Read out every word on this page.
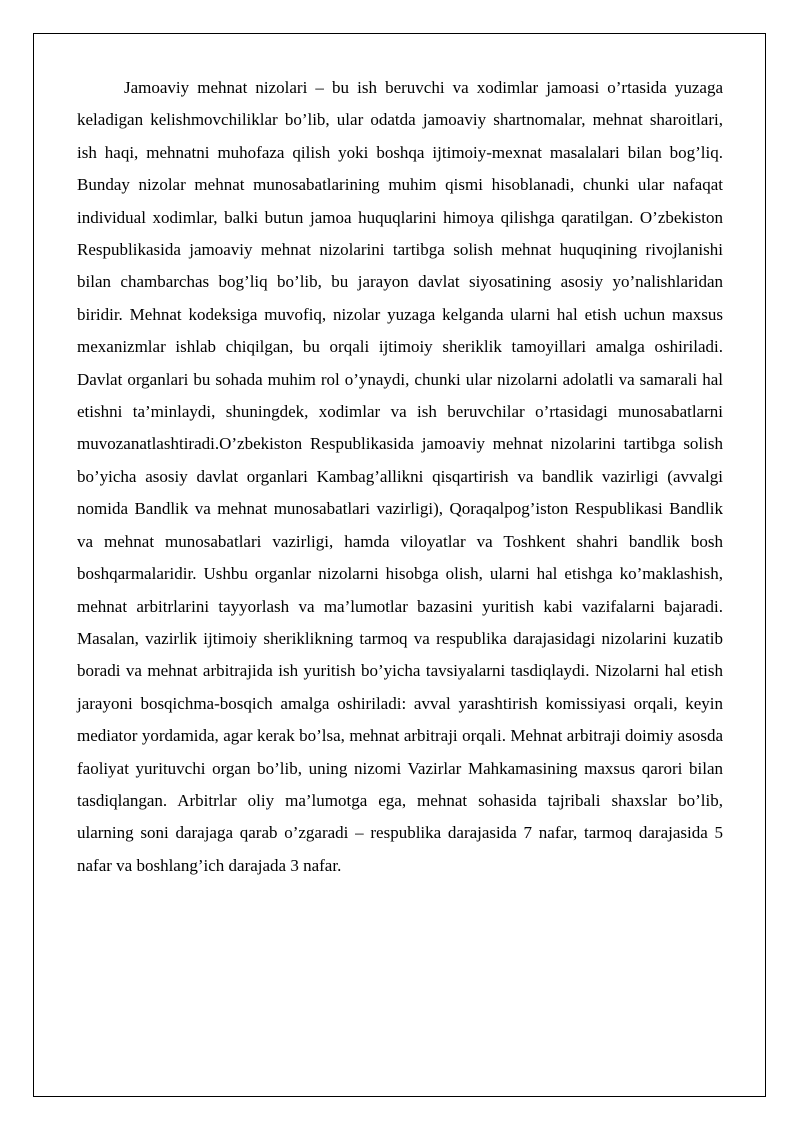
Jamoaviy mehnat nizolari – bu ish beruvchi va xodimlar jamoasi o’rtasida yuzaga keladigan kelishmovchiliklar bo’lib, ular odatda jamoaviy shartnomalar, mehnat sharoitlari, ish haqi, mehnatni muhofaza qilish yoki boshqa ijtimoiy-mexnat masalalari bilan bog’liq. Bunday nizolar mehnat munosabatlarining muhim qismi hisoblanadi, chunki ular nafaqat individual xodimlar, balki butun jamoa huquqlarini himoya qilishga qaratilgan. O’zbekiston Respublikasida jamoaviy mehnat nizolarini tartibga solish mehnat huquqining rivojlanishi bilan chambarchas bog’liq bo’lib, bu jarayon davlat siyosatining asosiy yo’nalishlaridan biridir. Mehnat kodeksiga muvofiq, nizolar yuzaga kelganda ularni hal etish uchun maxsus mexanizmlar ishlab chiqilgan, bu orqali ijtimoiy sheriklik tamoyillari amalga oshiriladi. Davlat organlari bu sohada muhim rol o’ynaydi, chunki ular nizolarni adolatli va samarali hal etishni ta’minlaydi, shuningdek, xodimlar va ish beruvchilar o’rtasidagi munosabatlarni muvozanatlashtiradi.O’zbekiston Respublikasida jamoaviy mehnat nizolarini tartibga solish bo’yicha asosiy davlat organlari Kambag’allikni qisqartirish va bandlik vazirligi (avvalgi nomida Bandlik va mehnat munosabatlari vazirligi), Qoraqalpog’iston Respublikasi Bandlik va mehnat munosabatlari vazirligi, hamda viloyatlar va Toshkent shahri bandlik bosh boshqarmalaridir. Ushbu organlar nizolarni hisobga olish, ularni hal etishga ko’maklashish, mehnat arbitrlarini tayyorlash va ma’lumotlar bazasini yuritish kabi vazifalarni bajaradi. Masalan, vazirlik ijtimoiy sheriklikning tarmoq va respublika darajasidagi nizolarini kuzatib boradi va mehnat arbitrajida ish yuritish bo’yicha tavsiyalarni tasdiqlaydi. Nizolarni hal etish jarayoni bosqichma-bosqich amalga oshiriladi: avval yarashtirish komissiyasi orqali, keyin mediator yordamida, agar kerak bo’lsa, mehnat arbitraji orqali. Mehnat arbitraji doimiy asosda faoliyat yurituvchi organ bo’lib, uning nizomi Vazirlar Mahkamasining maxsus qarori bilan tasdiqlangan. Arbitrlar oliy ma’lumotga ega, mehnat sohasida tajribali shaxslar bo’lib, ularning soni darajaga qarab o’zgaradi – respublika darajasida 7 nafar, tarmoq darajasida 5 nafar va boshlang’ich darajada 3 nafar.
